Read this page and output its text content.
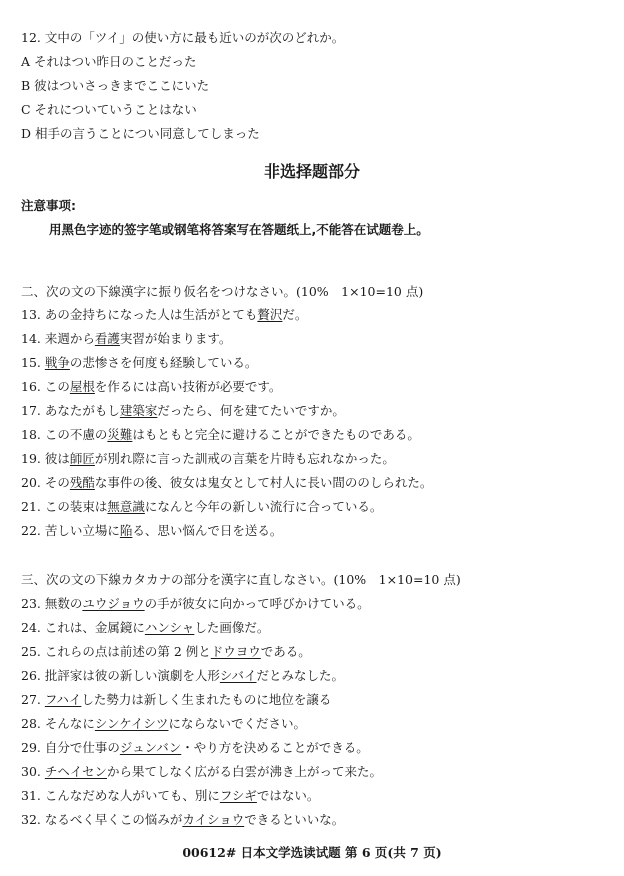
12. 文中の「ツイ」の使い方に最も近いのが次のどれか。
A それはつい昨日のことだった
B 彼はついさっきまでここにいた
C それについていうことはない
D 相手の言うことについ同意してしまった
非选择题部分
注意事项:
用黑色字迹的签字笔或钢笔将答案写在答题纸上,不能答在试题卷上。
二、次の文の下線漢字に振り仮名をつけなさい。(10%　1×10=10 点)
13. あの金持ちになった人は生活がとても贅沢だ。
14. 来週から看護実習が始まります。
15. 戦争の悲惨さを何度も経験している。
16. この屋根を作るには高い技術が必要です。
17. あなたがもし建築家だったら、何を建てたいですか。
18. この不慮の災難はもともと完全に避けることができたものである。
19. 彼は師匠が別れ際に言った訓戒の言葉を片時も忘れなかった。
20. その残酷な事件の後、彼女は鬼女として村人に長い間ののしられた。
21. この装束は無意識になんと今年の新しい流行に合っている。
22. 苦しい立場に陥る、思い悩んで日を送る。
三、次の文の下線カタカナの部分を漢字に直しなさい。(10%　1×10=10 点)
23. 無数のユウジョウの手が彼女に向かって呼びかけている。
24. これは、金属鏡にハンシャした画像だ。
25. これらの点は前述の第 2 例とドウヨウである。
26. 批評家は彼の新しい演劇を人形シバイだとみなした。
27. フハイした勢力は新しく生まれたものに地位を譲る
28. そんなにシンケイシツにならないでください。
29. 自分で仕事のジュンバン・やり方を決めることができる。
30. チヘイセンから果てしなく広がる白雲が沸き上がって来た。
31. こんなだめな人がいても、別にフシギではない。
32. なるべく早くこの悩みがカイショウできるといいな。
00612# 日本文学选读试题 第 6 页(共 7 页)
